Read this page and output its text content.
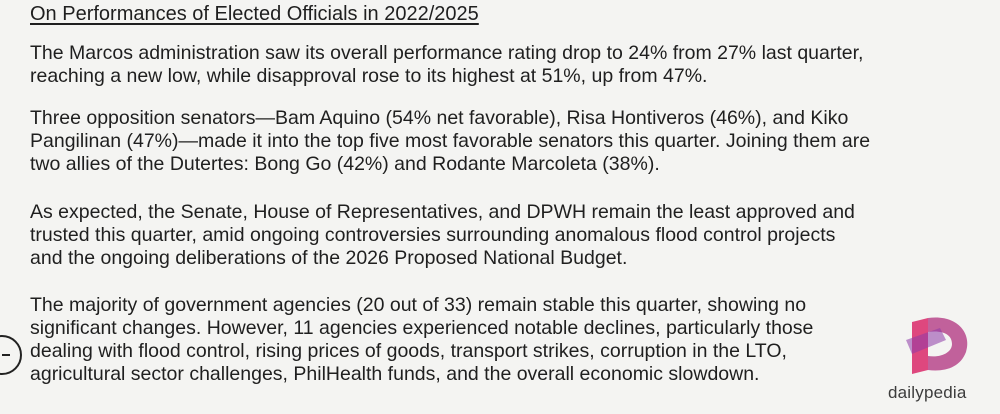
On Performances of Elected Officials in 2022/2025

The Marcos administration saw its overall performance rating drop to 24% from 27% last quarter,
reaching a new low, while disapproval rose to its highest at 51%, up from 47%.

Three opposition senators—Bam Aquino (54% net favorable), Risa Hontiveros (46%), and Kiko
Pangilinan (47%)—made it into the top five most favorable senators this quarter. Joining them are
two allies of the Dutertes: Bong Go (42%) and Rodante Marcoleta (38%).

As expected, the Senate, House of Representatives, and DPWH remain the least approved and
trusted this quarter, amid ongoing controversies surrounding anomalous flood control projects
and the ongoing deliberations of the 2026 Proposed National Budget.

The majority of government agencies (20 out of 33) remain stable this quarter, showing no
significant changes. However, 11 agencies experienced notable declines, particularly those
dealing with flood control, rising prices of goods, transport strikes, corruption in the LTO,
agricultural sector challenges, PhilHealth funds, and the overall economic slowdown.

dailypedia
